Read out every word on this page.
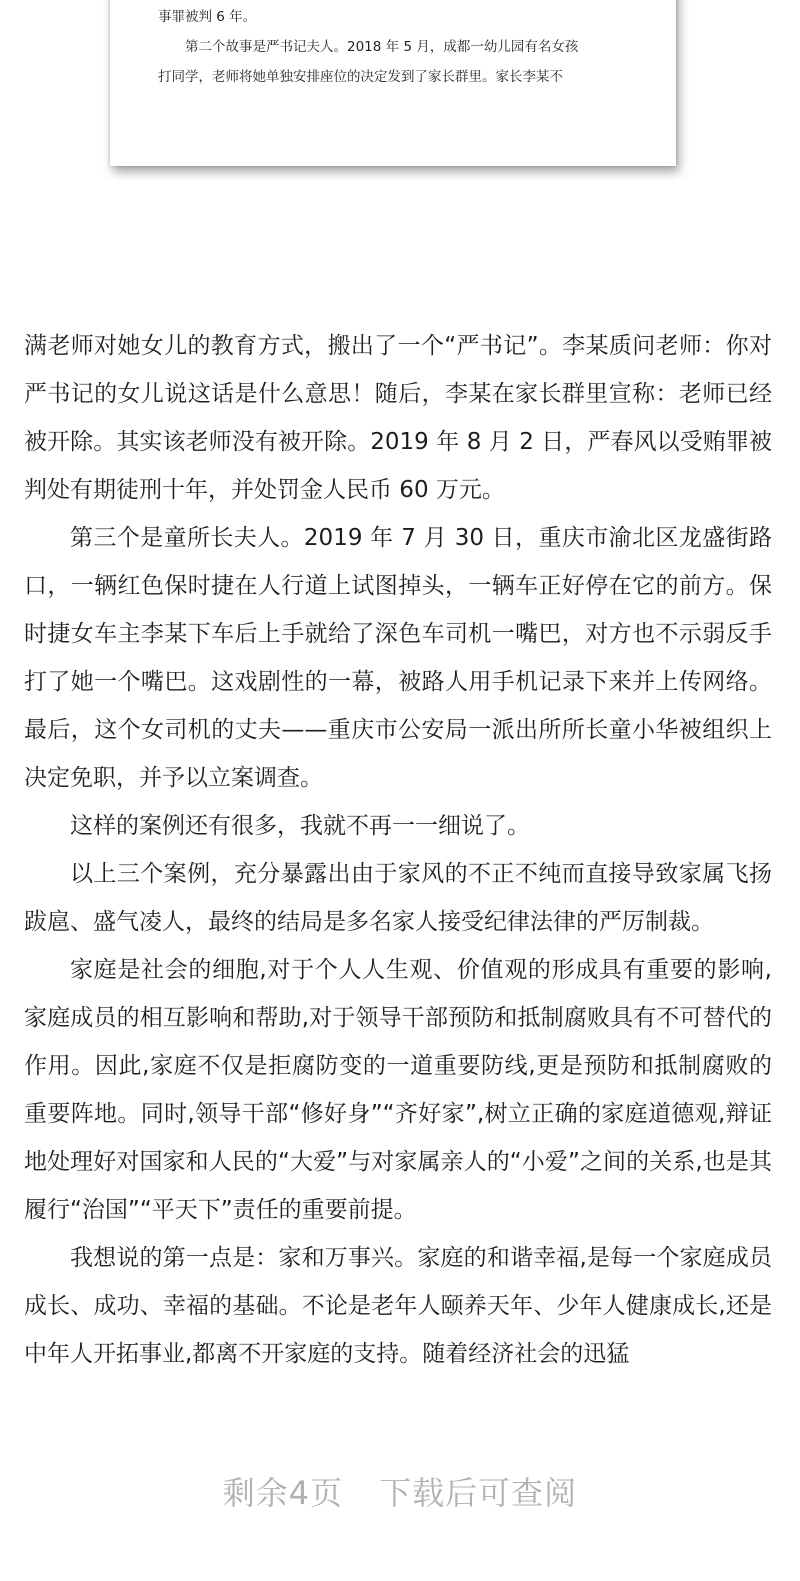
事罪被判 6 年。
第二个故事是严书记夫人。2018 年 5 月，成都一幼儿园有名女孩
打同学，老师将她单独安排座位的决定发到了家长群里。家长李某不

满老师对她女儿的教育方式，搬出了一个“严书记”。李某质问老师：你对严书记的女儿说这话是什么意思！随后，李某在家长群里宣称：老师已经被开除。其实该老师没有被开除。2019 年 8 月 2 日，严春风以受贿罪被判处有期徒刑十年，并处罚金人民币 60 万元。

第三个是童所长夫人。2019 年 7 月 30 日，重庆市渝北区龙盛街路口，一辆红色保时捷在人行道上试图掉头，一辆车正好停在它的前方。保时捷女车主李某下车后上手就给了深色车司机一嘴巴，对方也不示弱反手打了她一个嘴巴。这戏剧性的一幕，被路人用手机记录下来并上传网络。最后，这个女司机的丈夫——重庆市公安局一派出所所长童小华被组织上决定免职，并予以立案调查。

这样的案例还有很多，我就不再一一细说了。

以上三个案例，充分暴露出由于家风的不正不纯而直接导致家属飞扬跋扈、盛气凌人，最终的结局是多名家人接受纪律法律的严厉制裁。

家庭是社会的细胞,对于个人人生观、价值观的形成具有重要的影响,家庭成员的相互影响和帮助,对于领导干部预防和抵制腐败具有不可替代的作用。因此,家庭不仅是拒腐防变的一道重要防线,更是预防和抵制腐败的重要阵地。同时,领导干部“修好身”“齐好家”,树立正确的家庭道德观,辩证地处理好对国家和人民的“大爱”与对家属亲人的“小爱”之间的关系,也是其履行“治国”“平天下”责任的重要前提。

我想说的第一点是：家和万事兴。家庭的和谐幸福,是每一个家庭成员成长、成功、幸福的基础。不论是老年人颐养天年、少年人健康成长,还是中年人开拓事业,都离不开家庭的支持。随着经济社会的迅猛

剩余4页 下载后可查阅
